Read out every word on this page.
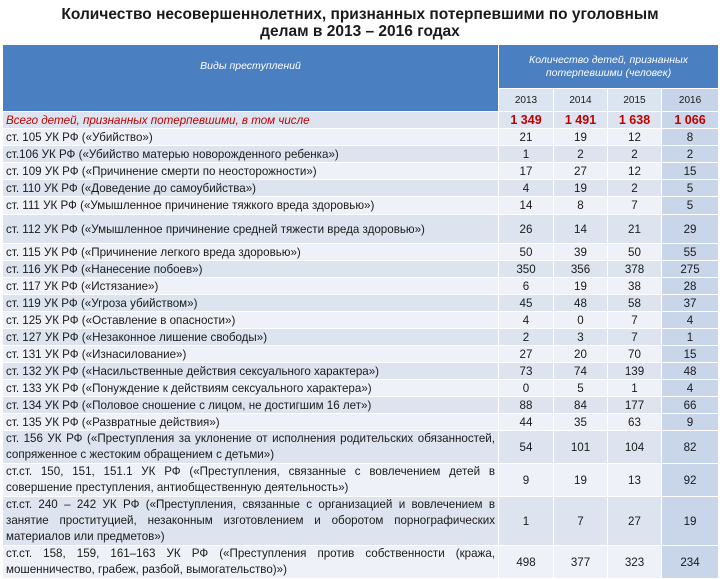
Количество несовершеннолетних, признанных потерпевшими по уголовным делам в 2013 – 2016 годах
Виды преступлений	Количество детей, признанных потерпевшими (человек)			
	2013	2014	2015	2016
Всего детей, признанных потерпевшими, в том числе	1 349	1 491	1 638	1 066
ст. 105 УК РФ («Убийство»)	21	19	12	8
ст.106 УК РФ («Убийство матерью новорожденного ребенка»)	1	2	2	2
ст. 109 УК РФ («Причинение смерти по неосторожности»)	17	27	12	15
ст. 110 УК РФ («Доведение до самоубийства»)	4	19	2	5
ст. 111 УК РФ («Умышленное причинение тяжкого вреда здоровью»)	14	8	7	5
ст. 112 УК РФ («Умышленное причинение средней тяжести вреда здоровью»)	26	14	21	29
ст. 115 УК РФ («Причинение легкого вреда здоровью»)	50	39	50	55
ст. 116 УК РФ («Нанесение побоев»)	350	356	378	275
ст. 117 УК РФ («Истязание»)	6	19	38	28
ст. 119 УК РФ («Угроза убийством»)	45	48	58	37
ст. 125 УК РФ («Оставление в опасности»)	4	0	7	4
ст. 127 УК РФ («Незаконное лишение свободы»)	2	3	7	1
ст. 131 УК РФ («Изнасилование»)	27	20	70	15
ст. 132 УК РФ («Насильственные действия сексуального характера»)	73	74	139	48
ст. 133 УК РФ («Понуждение к действиям сексуального характера»)	0	5	1	4
ст. 134 УК РФ («Половое сношение с лицом, не достигшим 16 лет»)	88	84	177	66
ст. 135 УК РФ («Развратные действия»)	44	35	63	9
ст. 156 УК РФ («Преступления за уклонение от исполнения родительских обязанностей, сопряженное с жестоким обращением с детьми»)	54	101	104	82
ст.ст. 150, 151, 151.1 УК РФ («Преступления, связанные с вовлечением детей в совершение преступления, антиобщественную деятельность»)	9	19	13	92
ст.ст. 240 – 242 УК РФ («Преступления, связанные с организацией и вовлечением в занятие проституцией, незаконным изготовлением и оборотом порнографических материалов или предметов»)	1	7	27	19
ст.ст. 158, 159, 161–163 УК РФ («Преступления против собственности (кража, мошенничество, грабеж, разбой, вымогательство)»)	498	377	323	234
